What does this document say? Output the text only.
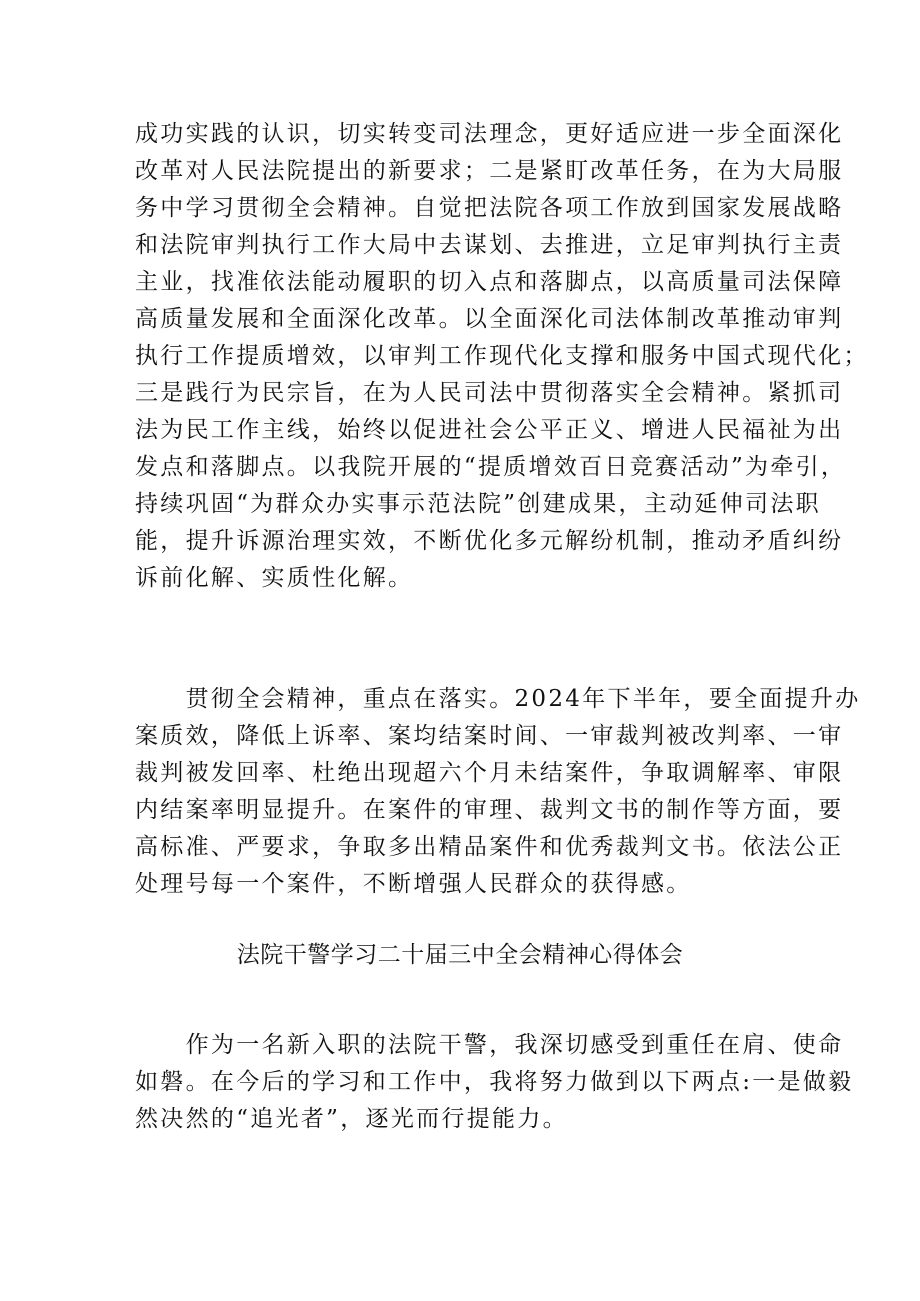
成功实践的认识，切实转变司法理念，更好适应进一步全面深化
改革对人民法院提出的新要求；二是紧盯改革任务，在为大局服
务中学习贯彻全会精神。自觉把法院各项工作放到国家发展战略
和法院审判执行工作大局中去谋划、去推进，立足审判执行主责
主业，找准依法能动履职的切入点和落脚点，以高质量司法保障
高质量发展和全面深化改革。以全面深化司法体制改革推动审判
执行工作提质增效，以审判工作现代化支撑和服务中国式现代化；
三是践行为民宗旨，在为人民司法中贯彻落实全会精神。紧抓司
法为民工作主线，始终以促进社会公平正义、增进人民福祉为出
发点和落脚点。以我院开展的“提质增效百日竞赛活动”为牵引，
持续巩固“为群众办实事示范法院”创建成果，主动延伸司法职
能，提升诉源治理实效，不断优化多元解纷机制，推动矛盾纠纷
诉前化解、实质性化解。
　　贯彻全会精神，重点在落实。2024年下半年，要全面提升办
案质效，降低上诉率、案均结案时间、一审裁判被改判率、一审
裁判被发回率、杜绝出现超六个月未结案件，争取调解率、审限
内结案率明显提升。在案件的审理、裁判文书的制作等方面，要
高标准、严要求，争取多出精品案件和优秀裁判文书。依法公正
处理号每一个案件，不断增强人民群众的获得感。
法院干警学习二十届三中全会精神心得体会
　　作为一名新入职的法院干警，我深切感受到重任在肩、使命
如磐。在今后的学习和工作中，我将努力做到以下两点:一是做毅
然决然的“追光者”，逐光而行提能力。
